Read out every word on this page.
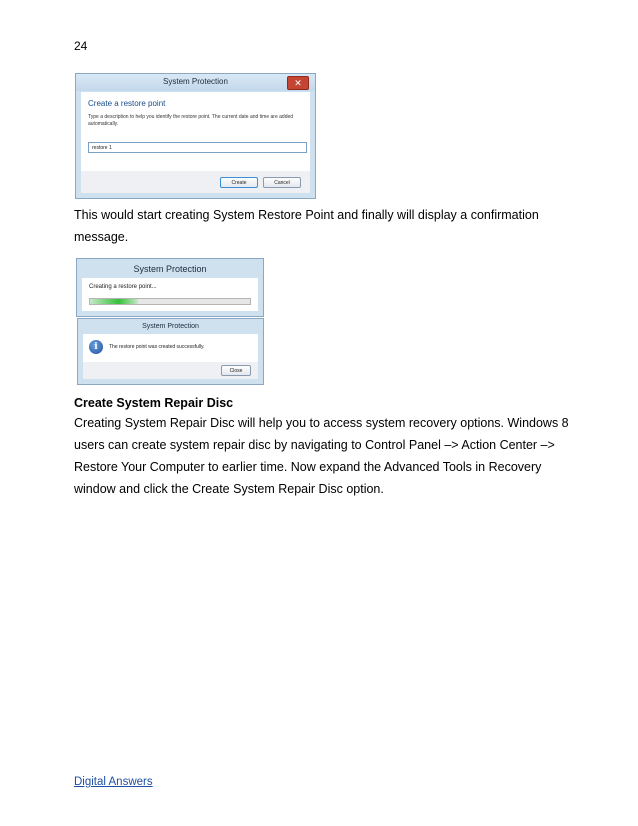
24
System Protection	✕
Create a restore point
Type a description to help you identify the restore point. The current date and time are added automatically.
restore 1
Create	Cancel
This would start creating System Restore Point and finally will display a confirmation message.
System Protection
Creating a restore point...
System Protection
i	The restore point was created successfully.
Close
Create System Repair Disc
Creating System Repair Disc will help you to access system recovery options. Windows 8 users can create system repair disc by navigating to Control Panel –> Action Center –> Restore Your Computer to earlier time. Now expand the Advanced Tools in Recovery window and click the Create System Repair Disc option.
Digital Answers
